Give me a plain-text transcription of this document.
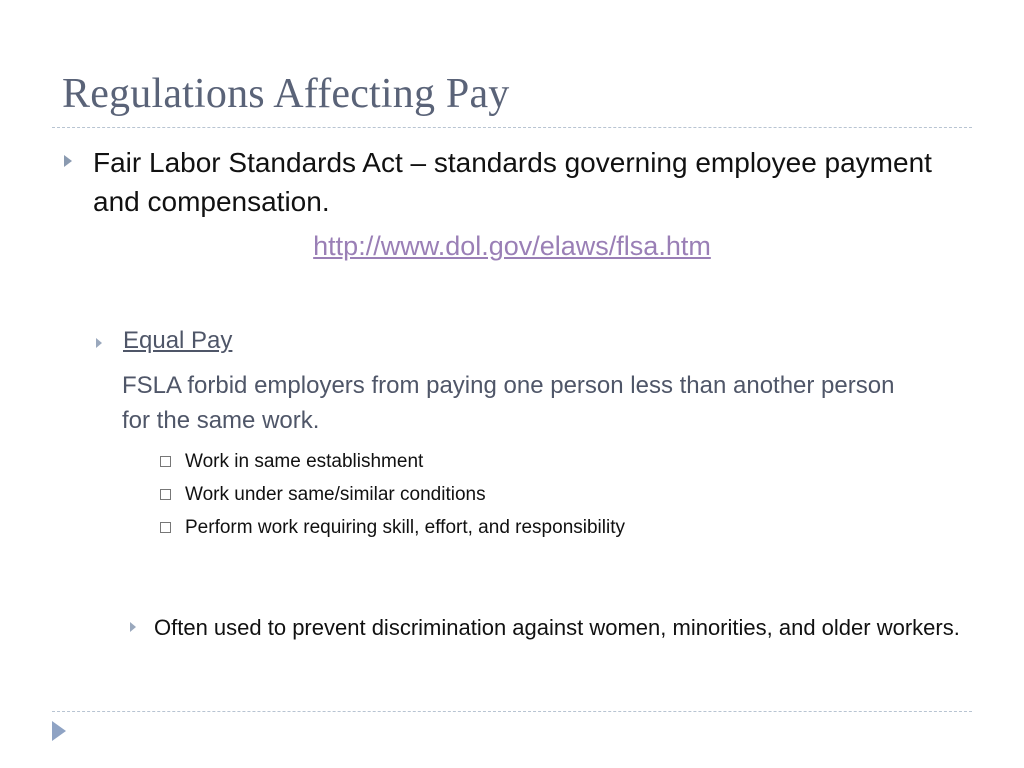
Regulations Affecting Pay
Fair Labor Standards Act – standards governing employee payment and compensation.
http://www.dol.gov/elaws/flsa.htm
Equal Pay
FSLA forbid employers from paying one person less than another person for the same work.
Work in same establishment
Work under same/similar conditions
Perform work requiring skill, effort, and responsibility
Often used to prevent discrimination against women, minorities, and older workers.
